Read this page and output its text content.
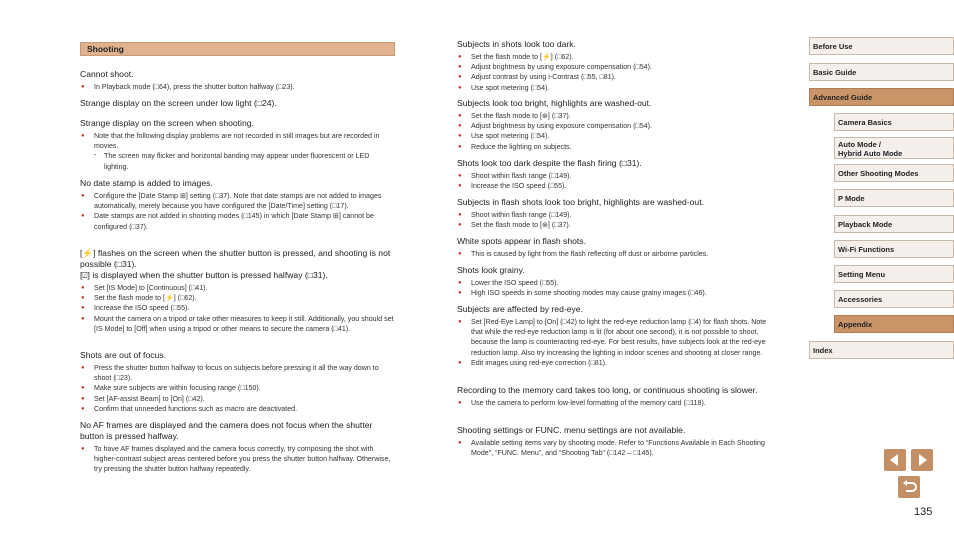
Shooting

Cannot shoot.

● In Playback mode (□64), press the shutter button halfway (□23).

Strange display on the screen under low light (□24).

Strange display on the screen when shooting.

● Note that the following display problems are not recorded in still images but are recorded in movies.
- The screen may flicker and horizontal banding may appear under fluorescent or LED lighting.

No date stamp is added to images.

● Configure the [Date Stamp ⊞] setting (□37). Note that date stamps are not added to images automatically, merely because you have configured the [Date/Time] setting (□17).
● Date stamps are not added in shooting modes (□145) in which [Date Stamp ⊞] cannot be configured (□37).

[⚡] flashes on the screen when the shutter button is pressed, and shooting is not possible (□31).

[⍁] is displayed when the shutter button is pressed halfway (□31).

● Set [IS Mode] to [Continuous] (□41).
● Set the flash mode to [⚡] (□62).
● Increase the ISO speed (□55).
● Mount the camera on a tripod or take other measures to keep it still. Additionally, you should set [IS Mode] to [Off] when using a tripod or other means to secure the camera (□41).

Shots are out of focus.

● Press the shutter button halfway to focus on subjects before pressing it all the way down to shoot (□23).
● Make sure subjects are within focusing range (□150).
● Set [AF-assist Beam] to [On] (□42).
● Confirm that unneeded functions such as macro are deactivated.

No AF frames are displayed and the camera does not focus when the shutter button is pressed halfway.

● To have AF frames displayed and the camera focus correctly, try composing the shot with higher-contrast subject areas centered before you press the shutter button halfway. Otherwise, try pressing the shutter button halfway repeatedly.

Subjects in shots look too dark.

● Set the flash mode to [⚡] (□62).
● Adjust brightness by using exposure compensation (□54).
● Adjust contrast by using i-Contrast (□55, □81).
● Use spot metering (□54).

Subjects look too bright, highlights are washed-out.

● Set the flash mode to [⊛] (□37).
● Adjust brightness by using exposure compensation (□54).
● Use spot metering (□54).
● Reduce the lighting on subjects.

Shots look too dark despite the flash firing (□31).

● Shoot within flash range (□149).
● Increase the ISO speed (□55).

Subjects in flash shots look too bright, highlights are washed-out.

● Shoot within flash range (□149).
● Set the flash mode to [⊛] (□37).

White spots appear in flash shots.

● This is caused by light from the flash reflecting off dust or airborne particles.

Shots look grainy.

● Lower the ISO speed (□55).
● High ISO speeds in some shooting modes may cause grainy images (□46).

Subjects are affected by red-eye.

● Set [Red-Eye Lamp] to [On] (□42) to light the red-eye reduction lamp (□4) for flash shots. Note that while the red-eye reduction lamp is lit (for about one second), it is not possible to shoot, because the lamp is counteracting red-eye. For best results, have subjects look at the red-eye reduction lamp. Also try increasing the lighting in indoor scenes and shooting at closer range.
● Edit images using red-eye correction (□81).

Recording to the memory card takes too long, or continuous shooting is slower.

● Use the camera to perform low-level formatting of the memory card (□118).

Shooting settings or FUNC. menu settings are not available.

● Available setting items vary by shooting mode. Refer to “Functions Available in Each Shooting Mode”, “FUNC. Menu”, and “Shooting Tab” (□142 – □145).
Before Use
Basic Guide
Advanced Guide
Camera Basics
Auto Mode /
Hybrid Auto Mode
Other Shooting Modes
P Mode
Playback Mode
Wi-Fi Functions
Setting Menu
Accessories
Appendix
Index
135
